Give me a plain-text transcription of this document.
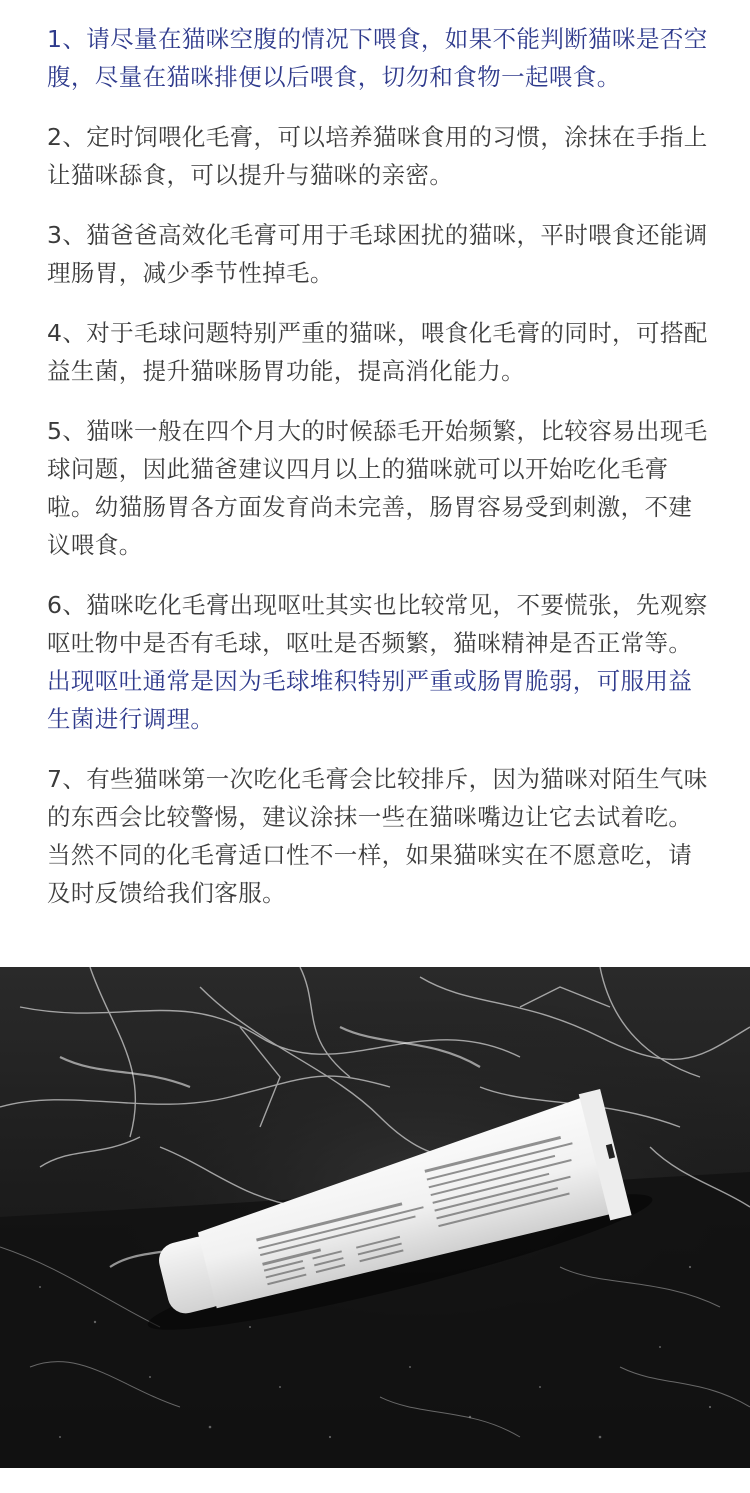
1、请尽量在猫咪空腹的情况下喂食，如果不能判断猫咪是否空腹，尽量在猫咪排便以后喂食，切勿和食物一起喂食。

2、定时饲喂化毛膏，可以培养猫咪食用的习惯，涂抹在手指上让猫咪舔食，可以提升与猫咪的亲密。

3、猫爸爸高效化毛膏可用于毛球困扰的猫咪，平时喂食还能调理肠胃，减少季节性掉毛。

4、对于毛球问题特别严重的猫咪，喂食化毛膏的同时，可搭配益生菌，提升猫咪肠胃功能，提高消化能力。

5、猫咪一般在四个月大的时候舔毛开始频繁，比较容易出现毛球问题，因此猫爸建议四月以上的猫咪就可以开始吃化毛膏啦。幼猫肠胃各方面发育尚未完善，肠胃容易受到刺激，不建议喂食。

6、猫咪吃化毛膏出现呕吐其实也比较常见，不要慌张，先观察呕吐物中是否有毛球，呕吐是否频繁，猫咪精神是否正常等。出现呕吐通常是因为毛球堆积特别严重或肠胃脆弱，可服用益生菌进行调理。

7、有些猫咪第一次吃化毛膏会比较排斥，因为猫咪对陌生气味的东西会比较警惕，建议涂抹一些在猫咪嘴边让它去试着吃。当然不同的化毛膏适口性不一样，如果猫咪实在不愿意吃，请及时反馈给我们客服。
